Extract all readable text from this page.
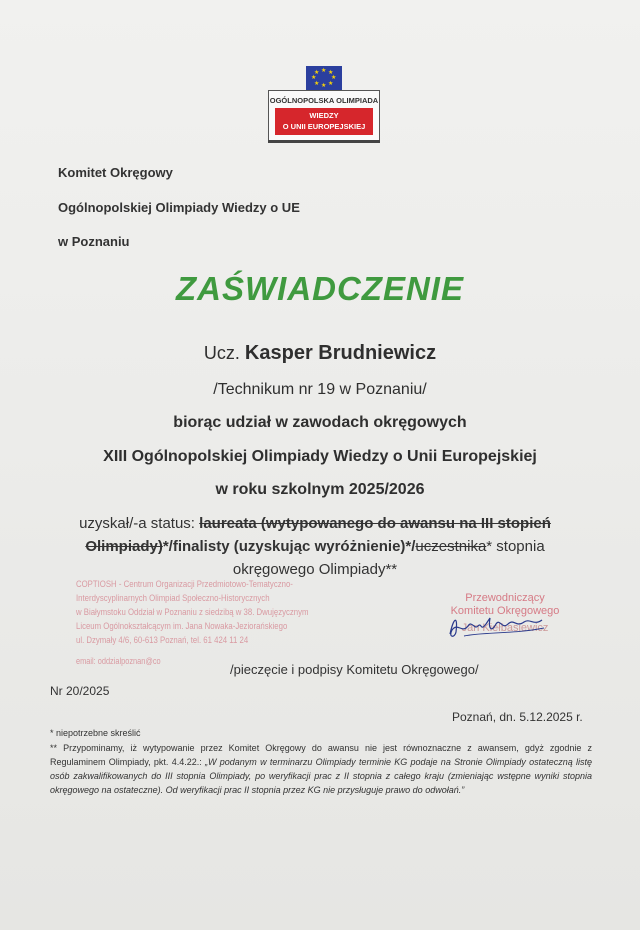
★ ★
★
★
★
★
★
★
OGÓLNOPOLSKA OLIMPIADA
WIEDZY
O UNII EUROPEJSKIEJ
Komitet Okręgowy
Ogólnopolskiej Olimpiady Wiedzy o UE
w Poznaniu
ZAŚWIADCZENIE
Ucz. Kasper Brudniewicz
/Technikum nr 19 w Poznaniu/
biorąc udział w zawodach okręgowych
XIII Ogólnopolskiej Olimpiady Wiedzy o Unii Europejskiej
w roku szkolnym 2025/2026
uzyskał/-a status: laureata (wytypowanego do awansu na III stopień Olimpiady)*/finalisty (uzyskując wyróżnienie)*/uczestnika* stopnia okręgowego Olimpiady**
COPTIOSH - Centrum Organizacji Przedmiotowo-Tematyczno-
Interdyscyplinarnych Olimpiad Społeczno-Historycznych
w Białymstoku Oddział w Poznaniu z siedzibą w 38. Dwujęzycznym
Liceum Ogólnokształcącym im. Jana Nowaka-Jeziorańskiego
ul. Dzymały 4/6, 60-613 Poznań, tel. 61 424 11 24
email: oddzialpoznan@co
Przewodniczący
Komitetu Okręgowego
Jan Kiełbasiewicz
/pieczęcie i podpisy Komitetu Okręgowego/
Nr 20/2025
Poznań, dn. 5.12.2025 r.
* niepotrzebne skreślić
** Przypominamy, iż wytypowanie przez Komitet Okręgowy do awansu nie jest równoznaczne z awansem, gdyż zgodnie z Regulaminem Olimpiady, pkt. 4.4.22.: „W podanym w terminarzu Olimpiady terminie KG podaje na Stronie Olimpiady ostateczną listę osób zakwalifikowanych do III stopnia Olimpiady, po weryfikacji prac z II stopnia z całego kraju (zmieniając wstępne wyniki stopnia okręgowego na ostateczne). Od weryfikacji prac II stopnia przez KG nie przysługuje prawo do odwołań.”
